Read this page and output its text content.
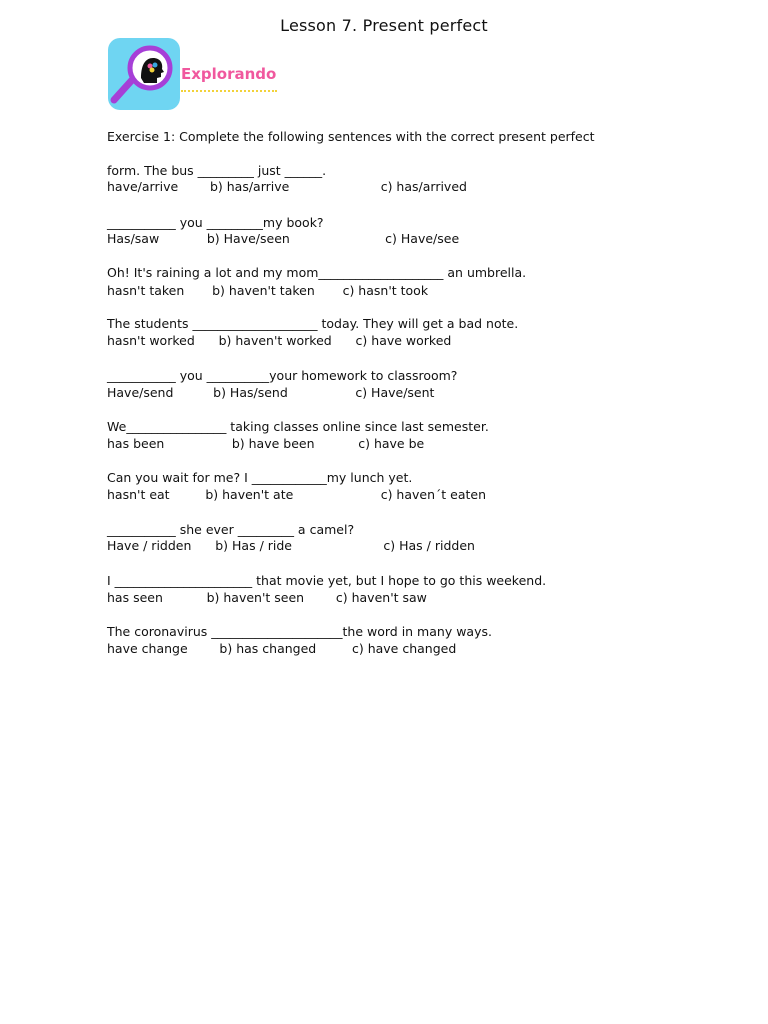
Lesson 7. Present perfect
Explorando

Exercise 1: Complete the following sentences with the correct present perfect

form. The bus _________ just ______.

have/arrive        b) has/arrive                       c) has/arrived

___________ you _________my book?

Has/saw            b) Have/seen                        c) Have/see

Oh! It's raining a lot and my mom____________________ an umbrella.

hasn't taken       b) haven't taken       c) hasn't took

The students ____________________ today. They will get a bad note.

hasn't worked      b) haven't worked      c) have worked

___________ you __________your homework to classroom?

Have/send          b) Has/send                 c) Have/sent

We________________ taking classes online since last semester.

has been                 b) have been           c) have be

Can you wait for me? I ____________my lunch yet.

hasn't eat         b) haven't ate                      c) haven´t eaten

___________ she ever _________ a camel?

Have / ridden      b) Has / ride                       c) Has / ridden

I ______________________ that movie yet, but I hope to go this weekend.

has seen           b) haven't seen        c) haven't saw

The coronavirus _____________________the word in many ways.

have change        b) has changed         c) have changed
